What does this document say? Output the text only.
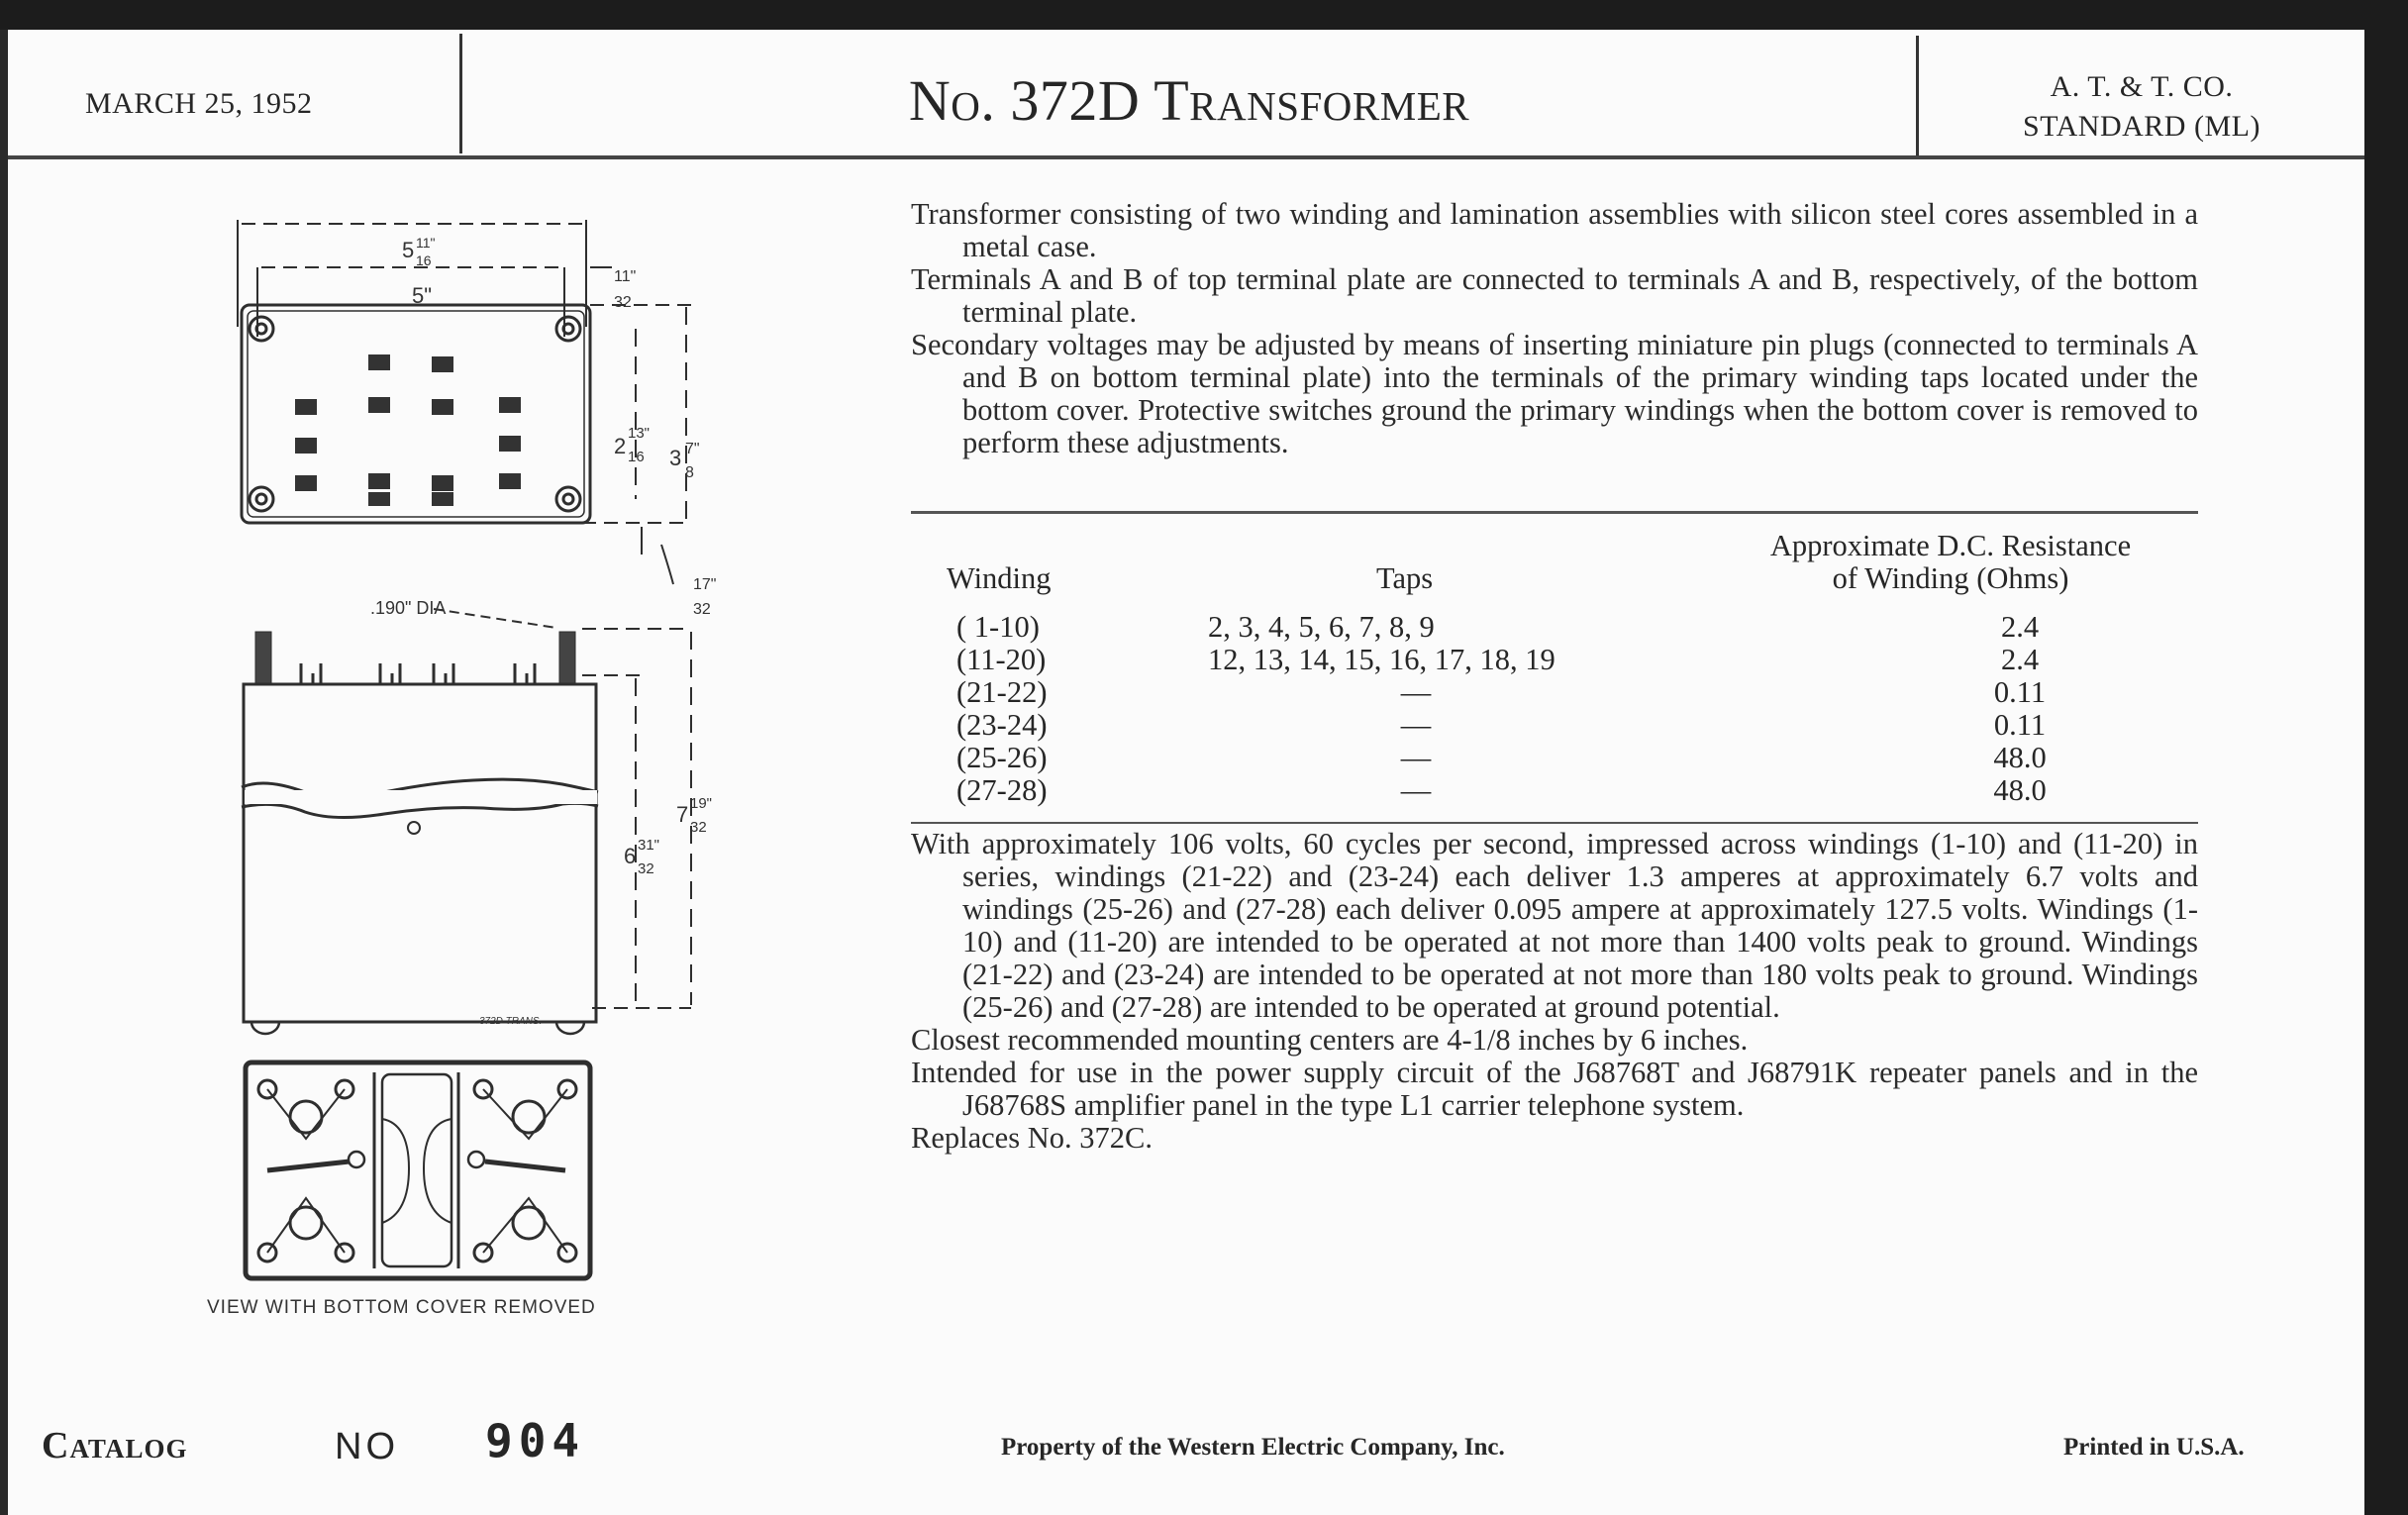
MARCH 25, 1952	No. 372D Transformer	A. T. & T. CO.
STANDARD (ML)

Transformer consisting of two winding and lamination assemblies with silicon steel cores assembled in a metal case.

Terminals A and B of top terminal plate are connected to terminals A and B, respectively, of the bottom terminal plate.

Secondary voltages may be adjusted by means of inserting miniature pin plugs (connected to terminals A and B on bottom terminal plate) into the terminals of the primary winding taps located under the bottom cover. Protective switches ground the primary windings when the bottom cover is removed to perform these adjustments.

Winding	Taps
Approximate D.C. Resistance
of Winding (Ohms)
( 1-10)	2, 3, 4, 5, 6, 7, 8, 9	2.4
(11-20)	12, 13, 14, 15, 16, 17, 18, 19	2.4
(21-22)	—	0.11
(23-24)	—	0.11
(25-26)	—	48.0
(27-28)	—	48.0

With approximately 106 volts, 60 cycles per second, impressed across windings (1-10) and (11-20) in series, windings (21-22) and (23-24) each deliver 1.3 amperes at approximately 6.7 volts and windings (25-26) and (27-28) each deliver 0.095 ampere at approximately 127.5 volts. Windings (1-10) and (11-20) are intended to be operated at not more than 1400 volts peak to ground. Windings (21-22) and (23-24) are intended to be operated at not more than 180 volts peak to ground. Windings (25-26) and (27-28) are intended to be operated at ground potential.

Closest recommended mounting centers are 4-1/8 inches by 6 inches.

Intended for use in the power supply circuit of the J68768T and J68791K repeater panels and in the J68768S amplifier panel in the type L1 carrier telephone system.

Replaces No. 372C.

5 11"
16
5"
11"
32
2
13"
16 3 7"
8
17"
32
.190" DIA
6 31"
32
7 19"
32
372D TRANS.
VIEW WITH BOTTOM COVER REMOVED
Catalog	NO 904	Property of the Western Electric Company, Inc.	Printed in U.S.A.
